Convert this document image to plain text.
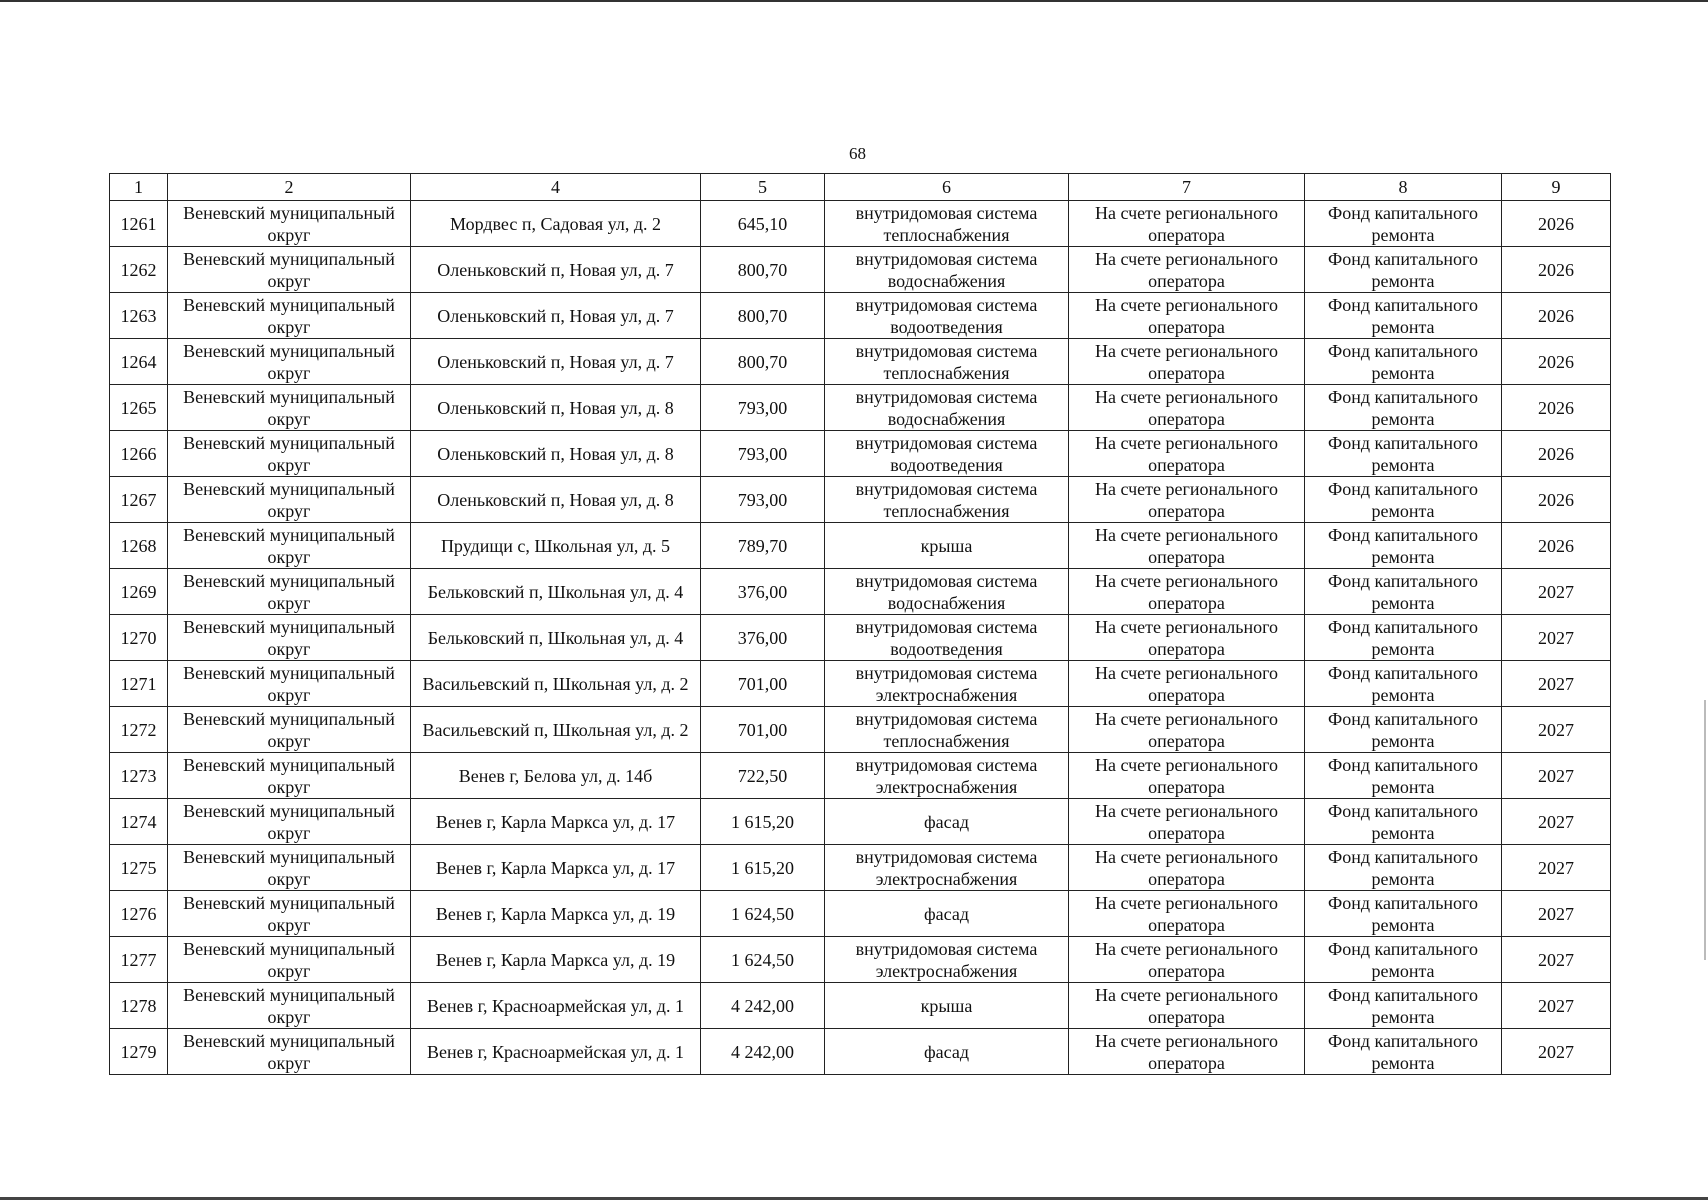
68
1	2	4	5	6	7	8	9
1261	Веневский муниципальный округ	Мордвес п, Садовая ул, д. 2	645,10	внутридомовая система теплоснабжения	На счете регионального оператора	Фонд капитального ремонта	2026
1262	Веневский муниципальный округ	Оленьковский п, Новая ул, д. 7	800,70	внутридомовая система водоснабжения	На счете регионального оператора	Фонд капитального ремонта	2026
1263	Веневский муниципальный округ	Оленьковский п, Новая ул, д. 7	800,70	внутридомовая система водоотведения	На счете регионального оператора	Фонд капитального ремонта	2026
1264	Веневский муниципальный округ	Оленьковский п, Новая ул, д. 7	800,70	внутридомовая система теплоснабжения	На счете регионального оператора	Фонд капитального ремонта	2026
1265	Веневский муниципальный округ	Оленьковский п, Новая ул, д. 8	793,00	внутридомовая система водоснабжения	На счете регионального оператора	Фонд капитального ремонта	2026
1266	Веневский муниципальный округ	Оленьковский п, Новая ул, д. 8	793,00	внутридомовая система водоотведения	На счете регионального оператора	Фонд капитального ремонта	2026
1267	Веневский муниципальный округ	Оленьковский п, Новая ул, д. 8	793,00	внутридомовая система теплоснабжения	На счете регионального оператора	Фонд капитального ремонта	2026
1268	Веневский муниципальный округ	Прудищи с, Школьная ул, д. 5	789,70	крыша	На счете регионального оператора	Фонд капитального ремонта	2026
1269	Веневский муниципальный округ	Бельковский п, Школьная ул, д. 4	376,00	внутридомовая система водоснабжения	На счете регионального оператора	Фонд капитального ремонта	2027
1270	Веневский муниципальный округ	Бельковский п, Школьная ул, д. 4	376,00	внутридомовая система водоотведения	На счете регионального оператора	Фонд капитального ремонта	2027
1271	Веневский муниципальный округ	Васильевский п, Школьная ул, д. 2	701,00	внутридомовая система электроснабжения	На счете регионального оператора	Фонд капитального ремонта	2027
1272	Веневский муниципальный округ	Васильевский п, Школьная ул, д. 2	701,00	внутридомовая система теплоснабжения	На счете регионального оператора	Фонд капитального ремонта	2027
1273	Веневский муниципальный округ	Венев г, Белова ул, д. 14б	722,50	внутридомовая система электроснабжения	На счете регионального оператора	Фонд капитального ремонта	2027
1274	Веневский муниципальный округ	Венев г, Карла Маркса ул, д. 17	1 615,20	фасад	На счете регионального оператора	Фонд капитального ремонта	2027
1275	Веневский муниципальный округ	Венев г, Карла Маркса ул, д. 17	1 615,20	внутридомовая система электроснабжения	На счете регионального оператора	Фонд капитального ремонта	2027
1276	Веневский муниципальный округ	Венев г, Карла Маркса ул, д. 19	1 624,50	фасад	На счете регионального оператора	Фонд капитального ремонта	2027
1277	Веневский муниципальный округ	Венев г, Карла Маркса ул, д. 19	1 624,50	внутридомовая система электроснабжения	На счете регионального оператора	Фонд капитального ремонта	2027
1278	Веневский муниципальный округ	Венев г, Красноармейская ул, д. 1	4 242,00	крыша	На счете регионального оператора	Фонд капитального ремонта	2027
1279	Веневский муниципальный округ	Венев г, Красноармейская ул, д. 1	4 242,00	фасад	На счете регионального оператора	Фонд капитального ремонта	2027
